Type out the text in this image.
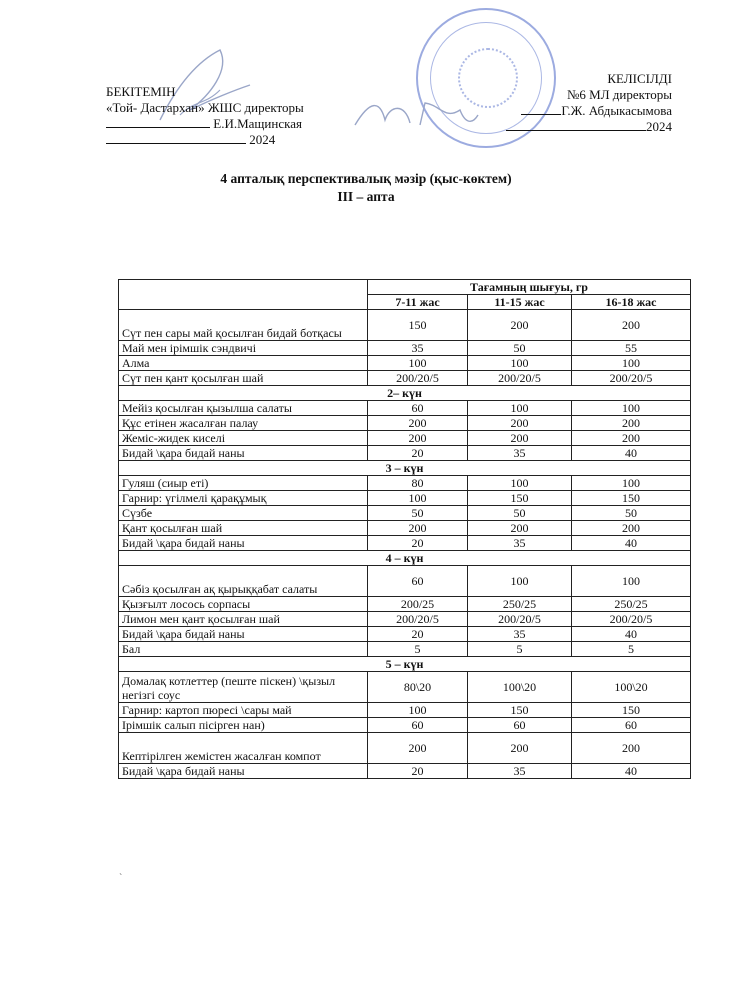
БЕКІТЕМІН
«Той- Дастархан» ЖШС директоры
Е.И.Мащинская
2024
КЕЛІСІЛДІ
№6 МЛ директоры
Г.Ж. Абдыкасымова
2024
4 апталық перспективалық мәзір (қыс-көктем)
III – апта
	Тағамның шығуы, гр		
	7-11 жас	11-15 жас	16-18 жас
Сүт пен сары май қосылған бидай ботқасы	150	200	200
Май мен ірімшік сэндвичі	35	50	55
Алма	100	100	100
Сүт пен қант қосылған шай	200/20/5	200/20/5	200/20/5
2– күн			
Мейіз қосылған қызылша салаты	60	100	100
Құс етінен жасалған палау	200	200	200
Жеміс-жидек киселі	200	200	200
Бидай \қара бидай наны	20	35	40
3 – күн			
Гуляш (сиыр еті)	80	100	100
Гарнир: үгілмелі қарақұмық	100	150	150
Сүзбе	50	50	50
Қант қосылған шай	200	200	200
Бидай \қара бидай наны	20	35	40
4 – күн			
Сәбіз қосылған ақ қырыққабат салаты	60	100	100
Қызғылт лосось сорпасы	200/25	250/25	250/25
Лимон мен қант қосылған шай	200/20/5	200/20/5	200/20/5
Бидай \қара бидай наны	20	35	40
Бал	5	5	5
5 – күн			
Домалақ котлеттер (пеште піскен) \қызыл негізгі соус	80\20	100\20	100\20
Гарнир: картоп пюресі \сары май	100	150	150
Ірімшік салып пісірген нан)	60	60	60
Кептірілген жемістен жасалған компот	200	200	200
Бидай \қара бидай наны	20	35	40
`
